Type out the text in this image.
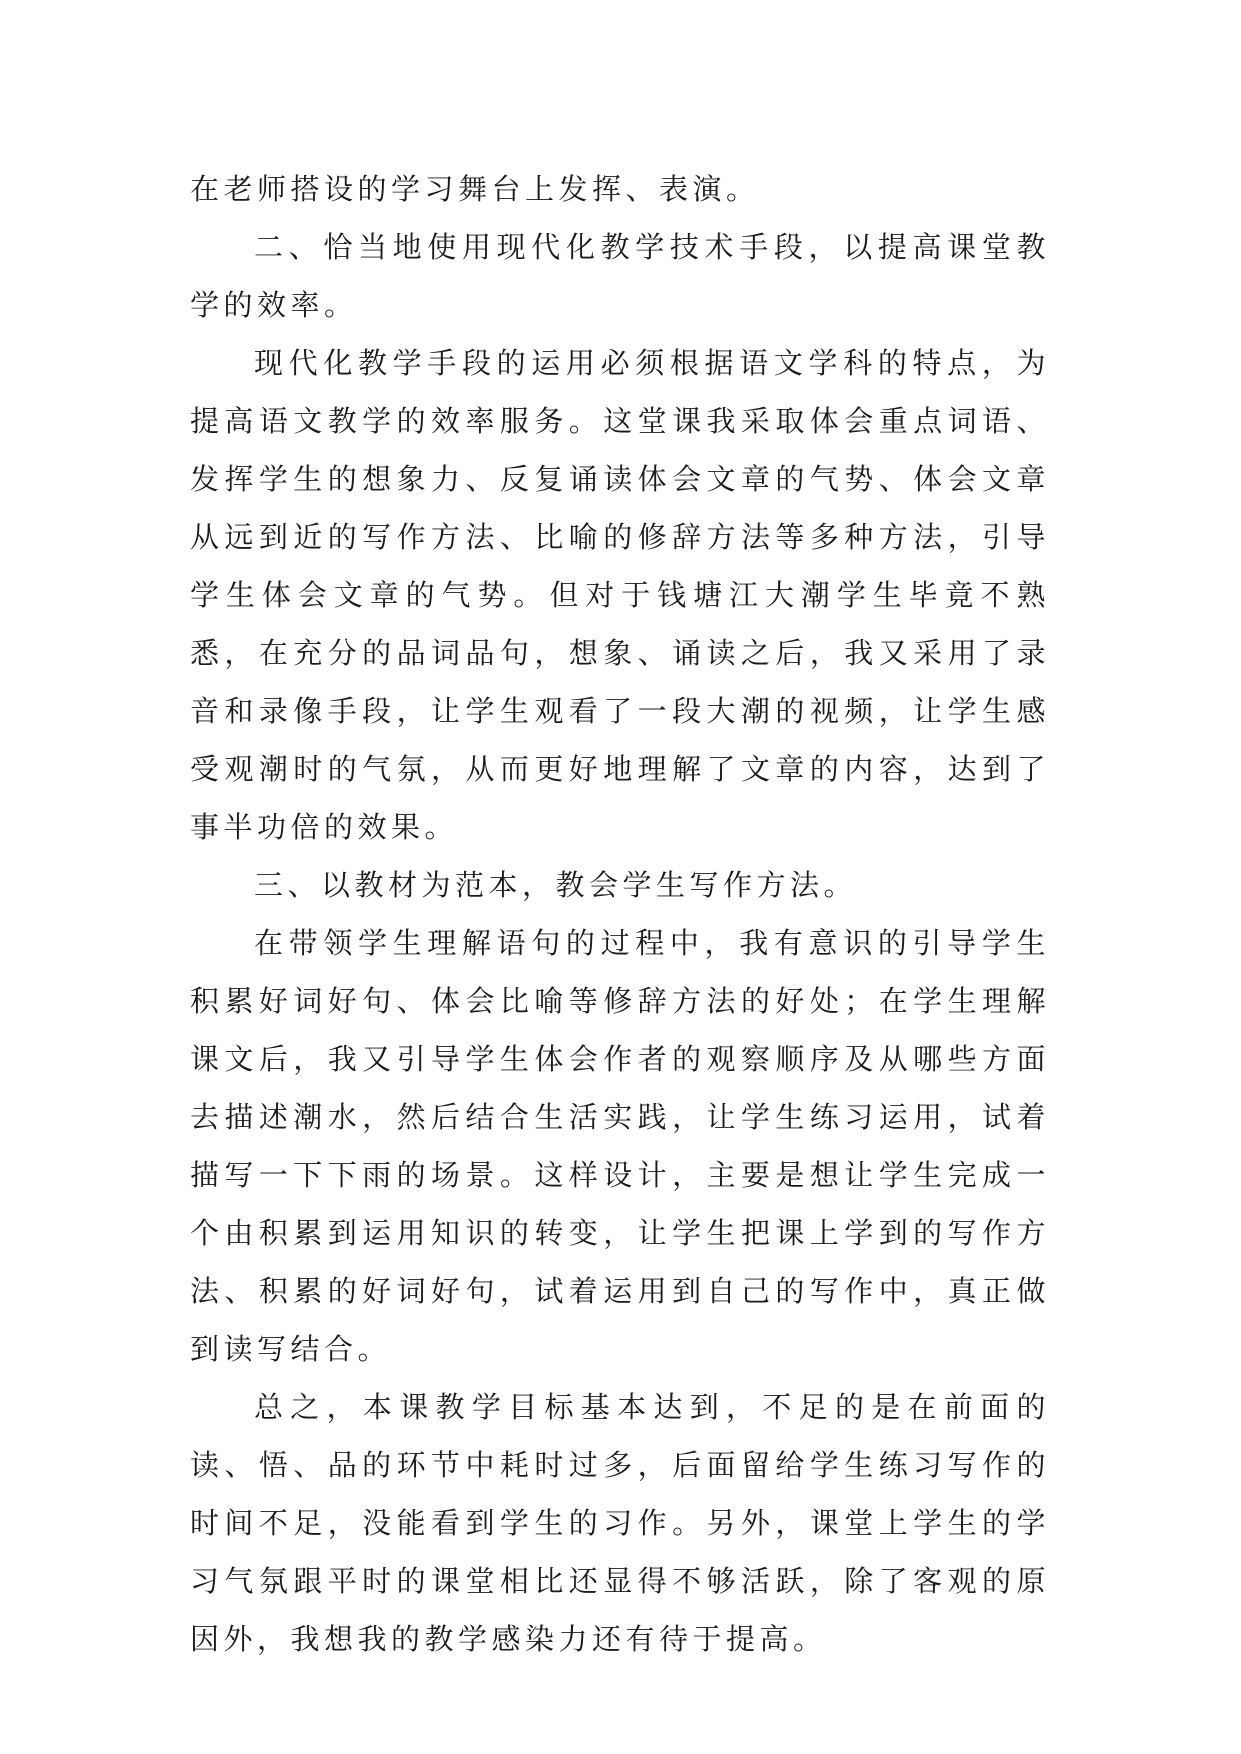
在老师搭设的学习舞台上发挥、表演。

二、恰当地使用现代化教学技术手段，以提高课堂教学的效率。

现代化教学手段的运用必须根据语文学科的特点，为提高语文教学的效率服务。这堂课我采取体会重点词语、发挥学生的想象力、反复诵读体会文章的气势、体会文章从远到近的写作方法、比喻的修辞方法等多种方法，引导学生体会文章的气势。但对于钱塘江大潮学生毕竟不熟悉，在充分的品词品句，想象、诵读之后，我又采用了录音和录像手段，让学生观看了一段大潮的视频，让学生感受观潮时的气氛，从而更好地理解了文章的内容，达到了事半功倍的效果。

三、以教材为范本，教会学生写作方法。

在带领学生理解语句的过程中，我有意识的引导学生积累好词好句、体会比喻等修辞方法的好处；在学生理解课文后，我又引导学生体会作者的观察顺序及从哪些方面去描述潮水，然后结合生活实践，让学生练习运用，试着描写一下下雨的场景。这样设计，主要是想让学生完成一个由积累到运用知识的转变，让学生把课上学到的写作方法、积累的好词好句，试着运用到自己的写作中，真正做到读写结合。

总之，本课教学目标基本达到，不足的是在前面的读、悟、品的环节中耗时过多，后面留给学生练习写作的时间不足，没能看到学生的习作。另外，课堂上学生的学习气氛跟平时的课堂相比还显得不够活跃，除了客观的原因外，我想我的教学感染力还有待于提高。
